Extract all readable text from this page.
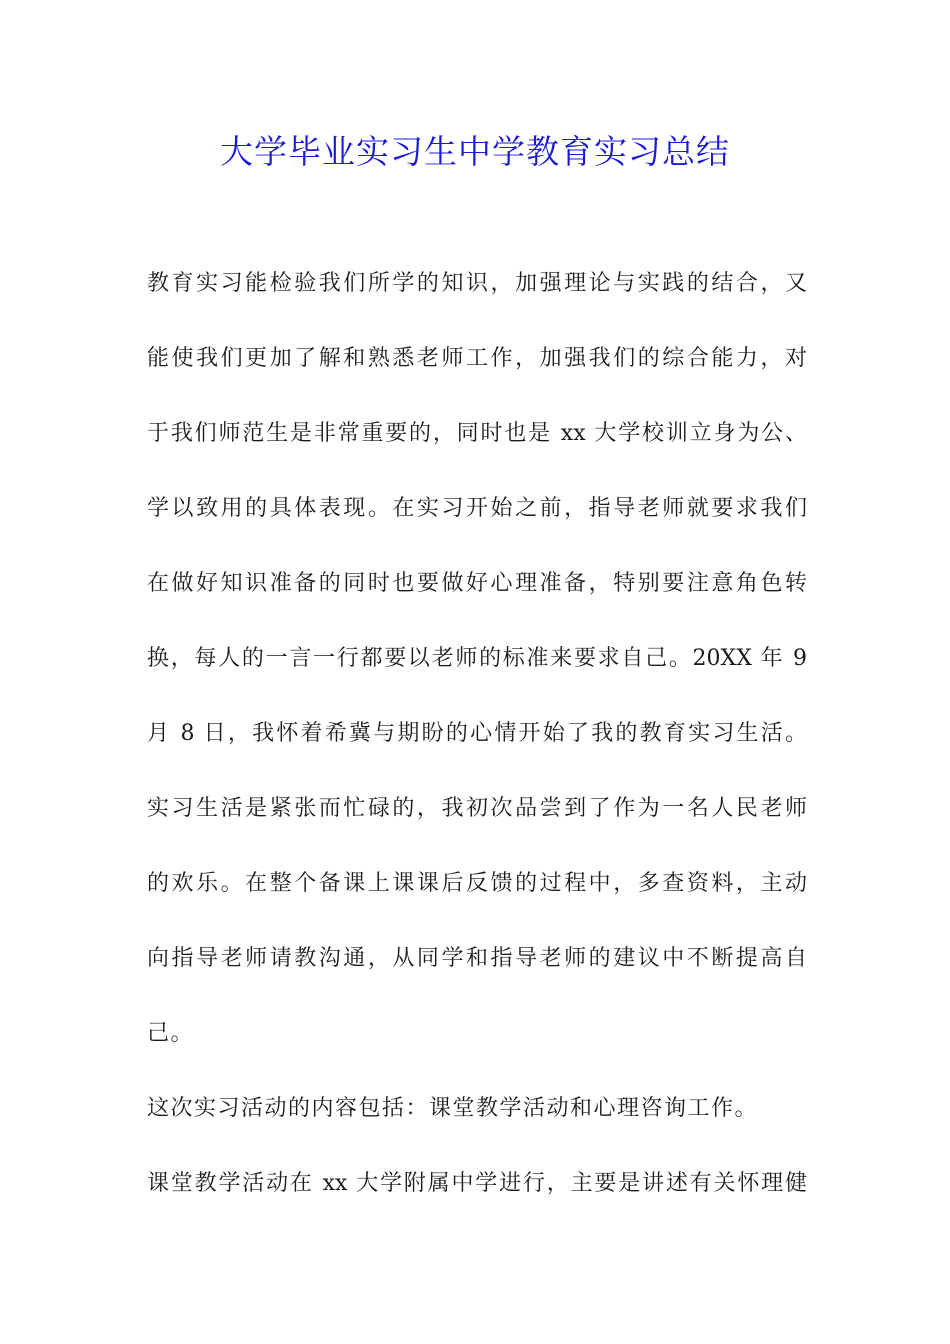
大学毕业实习生中学教育实习总结
教育实习能检验我们所学的知识，加强理论与实践的结合，又
能使我们更加了解和熟悉老师工作，加强我们的综合能力，对
于我们师范生是非常重要的，同时也是 xx 大学校训立身为公、
学以致用的具体表现。在实习开始之前，指导老师就要求我们
在做好知识准备的同时也要做好心理准备，特别要注意角色转
换，每人的一言一行都要以老师的标准来要求自己。20XX 年 9
月 8 日，我怀着希冀与期盼的心情开始了我的教育实习生活。
实习生活是紧张而忙碌的，我初次品尝到了作为一名人民老师
的欢乐。在整个备课上课课后反馈的过程中，多查资料，主动
向指导老师请教沟通，从同学和指导老师的建议中不断提高自
己。
这次实习活动的内容包括：课堂教学活动和心理咨询工作。
课堂教学活动在 xx 大学附属中学进行，主要是讲述有关怀理健
